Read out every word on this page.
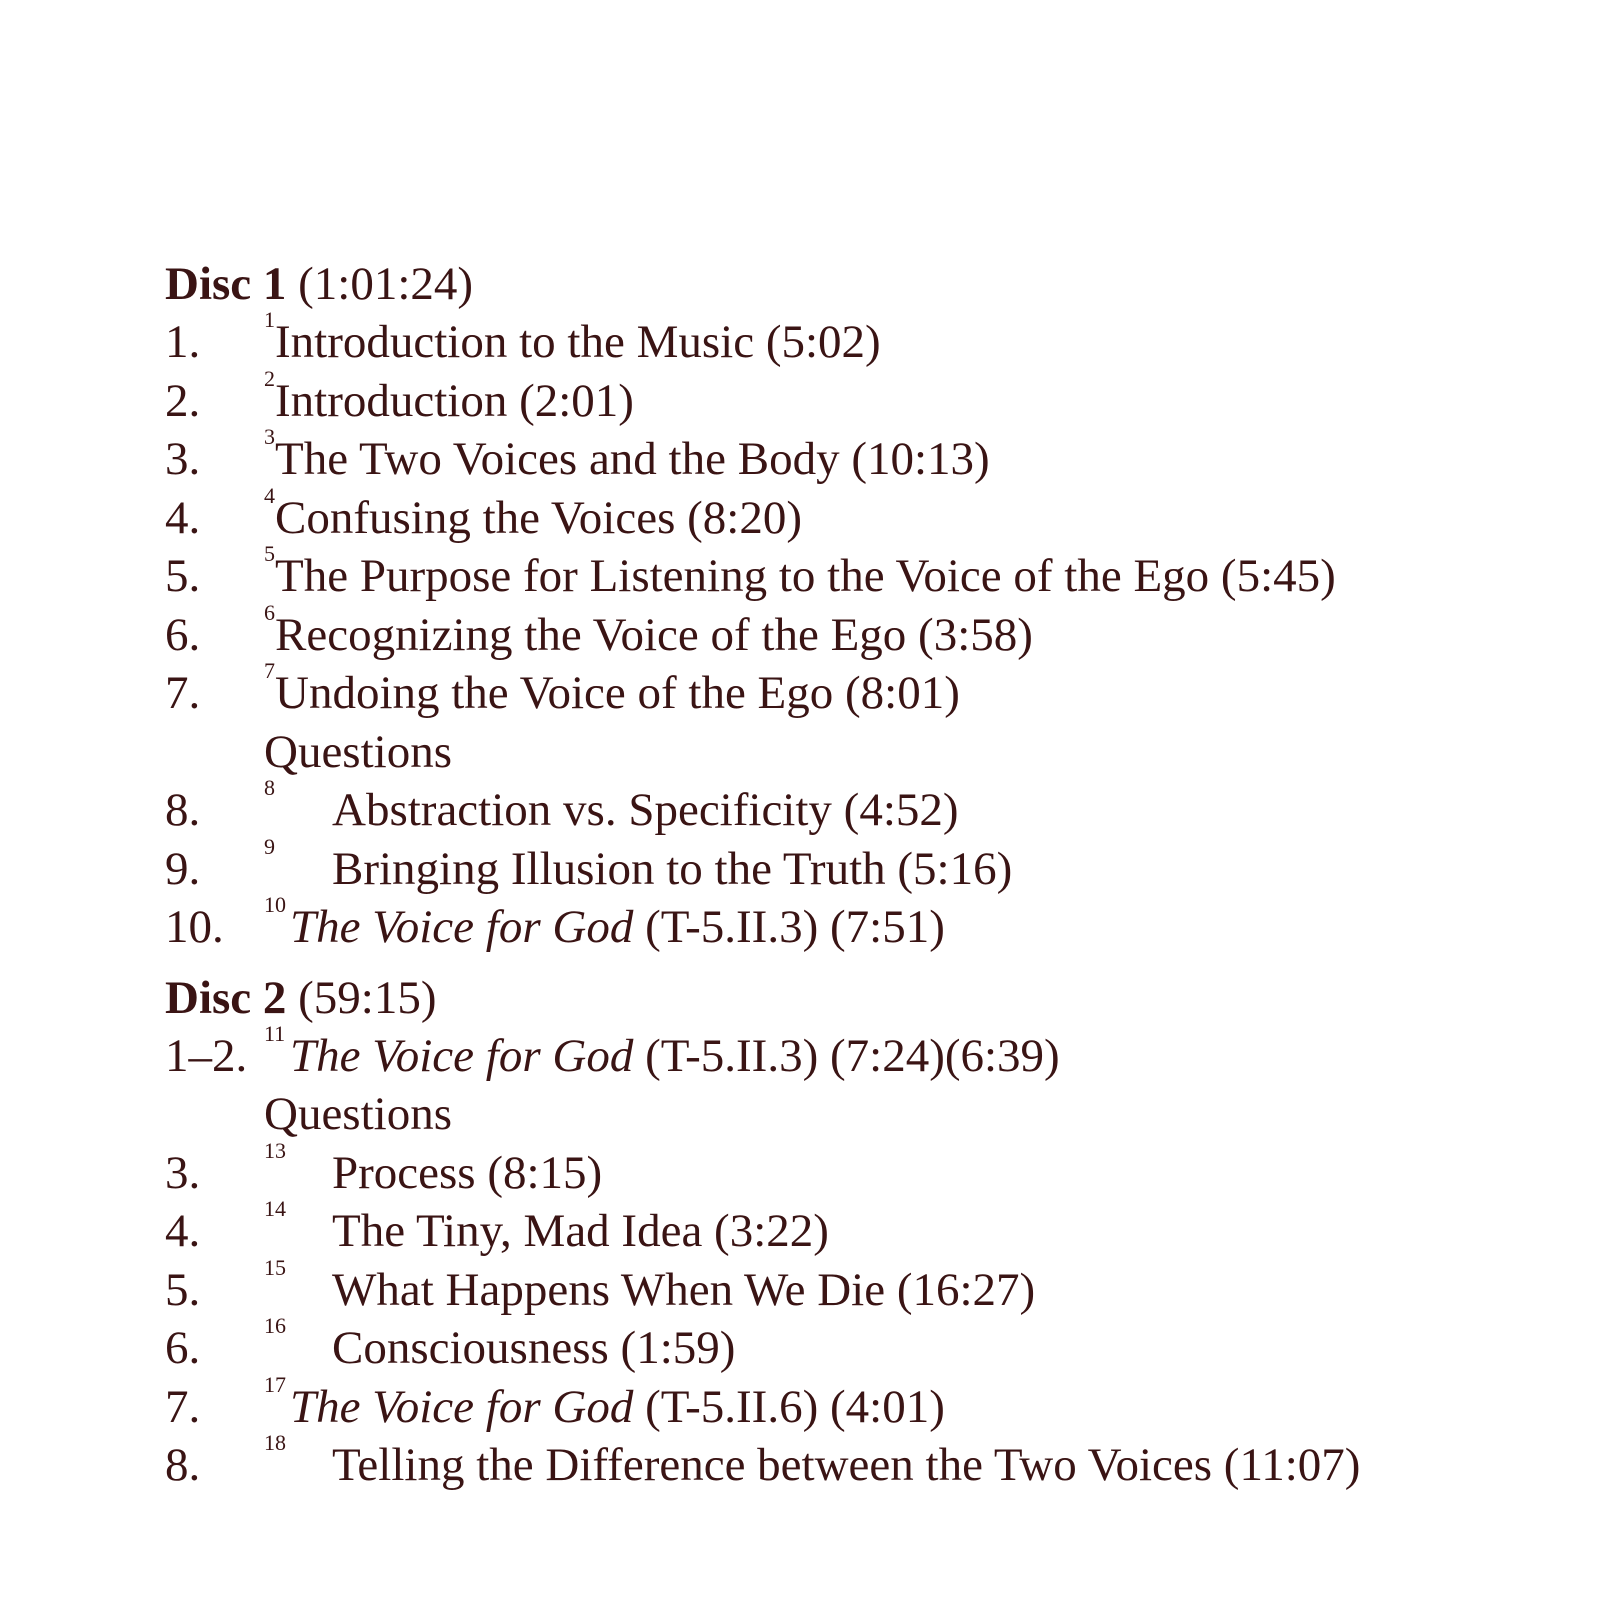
Disc 1 (1:01:24)
1.	1 Introduction to the Music (5:02)
2.	2 Introduction (2:01)
3.	3 The Two Voices and the Body (10:13)
4.	4 Confusing the Voices (8:20)
5.	5 The Purpose for Listening to the Voice of the Ego (5:45)
6.	6 Recognizing the Voice of the Ego (3:58)
7.	7 Undoing the Voice of the Ego (8:01)
Questions
8.	8 Abstraction vs. Specificity (4:52)
9.	9 Bringing Illusion to the Truth (5:16)
10. 10 The Voice for God (T-5.II.3) (7:51)
Disc 2 (59:15)
1–2. 11 The Voice for God (T-5.II.3) (7:24)(6:39)
Questions
3.	13 Process (8:15)
4.	14 The Tiny, Mad Idea (3:22)
5.	15 What Happens When We Die (16:27)
6.	16 Consciousness (1:59)
7.	17 The Voice for God (T-5.II.6) (4:01)
8.	18 Telling the Difference between the Two Voices (11:07)
